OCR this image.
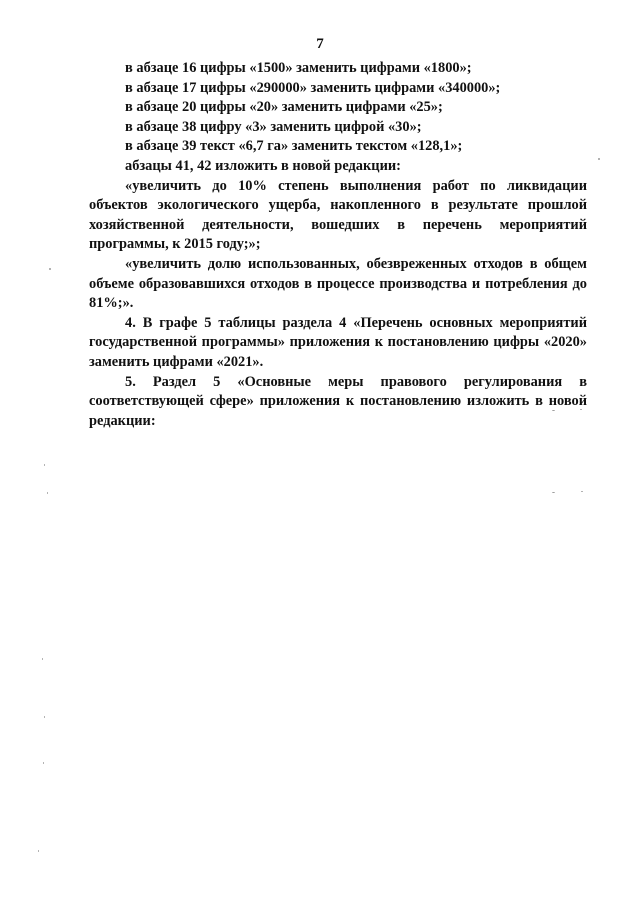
7

в абзаце 16 цифры «1500» заменить цифрами «1800»;

в абзаце 17 цифры «290000» заменить цифрами «340000»;

в абзаце 20 цифры «20» заменить цифрами «25»;

в абзаце 38 цифру «3» заменить цифрой «30»;

в абзаце 39 текст «6,7 га» заменить текстом «128,1»;

абзацы 41, 42 изложить в новой редакции:

«увеличить до 10% степень выполнения работ по ликвидации объектов экологического ущерба, накопленного в результате прошлой хозяйственной деятельности, вошедших в перечень мероприятий программы, к 2015 году;»;

«увеличить долю использованных, обезвреженных отходов в общем объеме образовавшихся отходов в процессе производства и потребления до 81%;».

4. В графе 5 таблицы раздела 4 «Перечень основных мероприятий государственной программы» приложения к постановлению цифры «2020» заменить цифрами «2021».

5. Раздел 5 «Основные меры правового регулирования в соответствующей сфере» приложения к постановлению изложить в новой редакции:
